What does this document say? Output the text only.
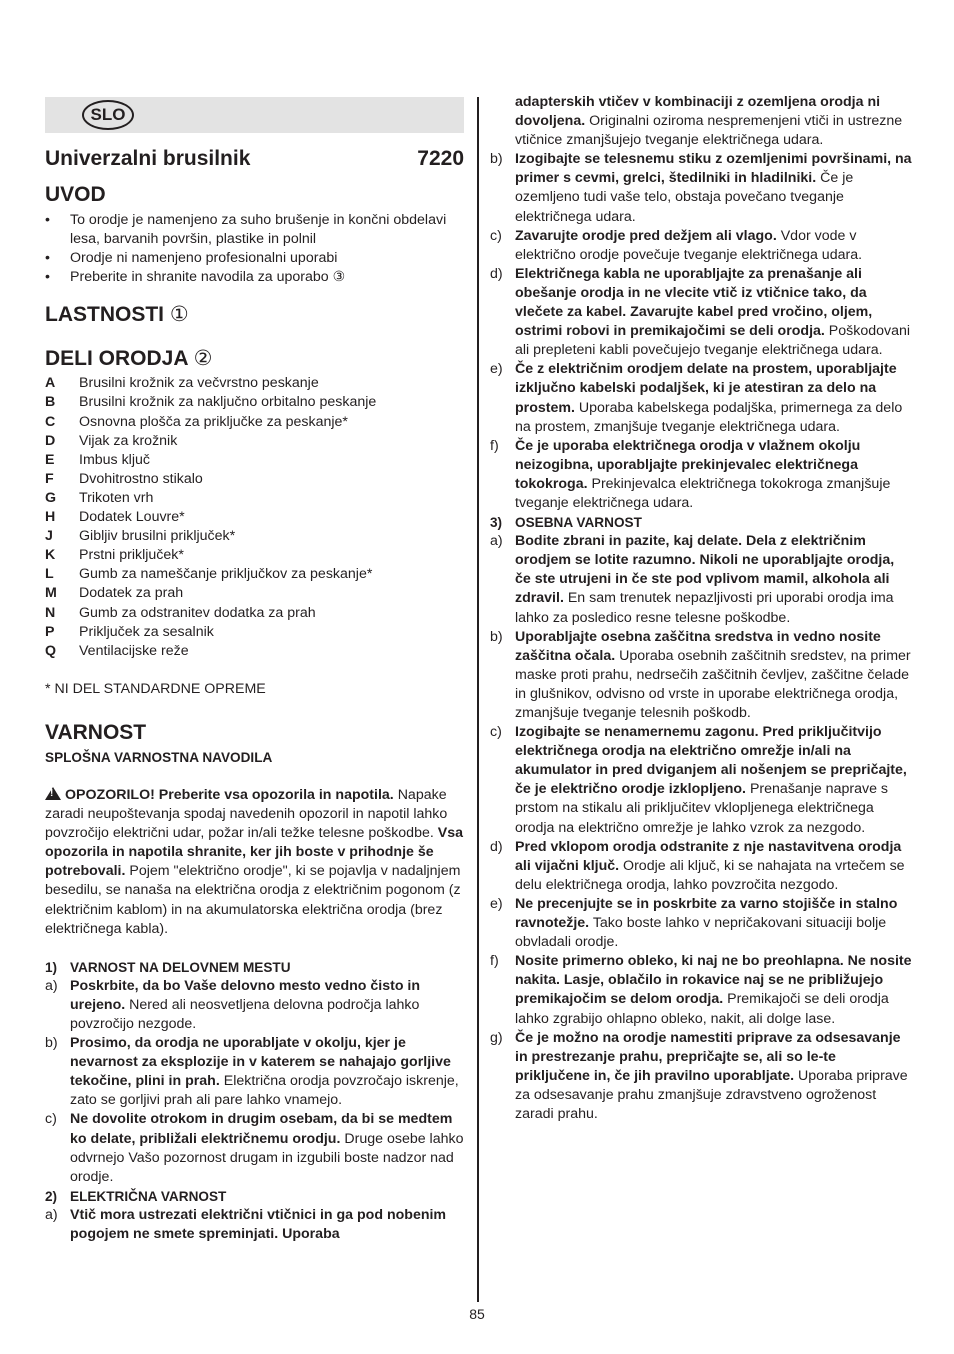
SLO
Univerzalni brusilnik	7220
UVOD
• To orodje je namenjeno za suho brušenje in končni obdelavi lesa, barvanih površin, plastike in polnil
• Orodje ni namenjeno profesionalni uporabi
• Preberite in shranite navodila za uporabo ③
LASTNOSTI ①
DELI ORODJA ②
A	Brusilni krožnik za večvrstno peskanje
B	Brusilni krožnik za naključno orbitalno peskanje
C	Osnovna plošča za priključke za peskanje*
D	Vijak za krožnik
E	Imbus ključ
F	Dvohitrostno stikalo
G	Trikoten vrh
H	Dodatek Louvre*
J	Gibljiv brusilni priključek*
K	Prstni priključek*
L	Gumb za nameščanje priključkov za peskanje*
M	Dodatek za prah
N	Gumb za odstranitev dodatka za prah
P	Priključek za sesalnik
Q	Ventilacijske reže
* NI DEL STANDARDNE OPREME
VARNOST
SPLOŠNA VARNOSTNA NAVODILA
!OPOZORILO! Preberite vsa opozorila in napotila. Napake zaradi neupoštevanja spodaj navedenih opozoril in napotil lahko povzročijo električni udar, požar in/ali težke telesne poškodbe. Vsa opozorila in napotila shranite, ker jih boste v prihodnje še potrebovali. Pojem "električno orodje", ki se pojavlja v nadaljnjem besedilu, se nanaša na električna orodja z električnim pogonom (z električnim kablom) in na akumulatorska električna orodja (brez električnega kabla).
1) VARNOST NA DELOVNEM MESTU
a) Poskrbite, da bo Vaše delovno mesto vedno čisto in urejeno. Nered ali neosvetljena delovna področja lahko povzročijo nezgode.
b) Prosimo, da orodja ne uporabljate v okolju, kjer je nevarnost za eksplozije in v katerem se nahajajo gorljive tekočine, plini in prah. Električna orodja povzročajo iskrenje, zato se gorljivi prah ali pare lahko vnamejo.
c) Ne dovolite otrokom in drugim osebam, da bi se medtem ko delate, približali električnemu orodju. Druge osebe lahko odvrnejo Vašo pozornost drugam in izgubili boste nadzor nad orodje.
2) ELEKTRIČNA VARNOST
a) Vtič mora ustrezati električni vtičnici in ga pod nobenim pogojem ne smete spreminjati. Uporaba
adapterskih vtičev v kombinaciji z ozemljena orodja ni dovoljena. Originalni oziroma nespremenjeni vtiči in ustrezne vtičnice zmanjšujejo tveganje električnega udara.
b) Izogibajte se telesnemu stiku z ozemljenimi površinami, na primer s cevmi, grelci, štedilniki in hladilniki. Če je ozemljeno tudi vaše telo, obstaja povečano tveganje električnega udara.
c) Zavarujte orodje pred dežjem ali vlago. Vdor vode v električno orodje povečuje tveganje električnega udara.
d) Električnega kabla ne uporabljajte za prenašanje ali obešanje orodja in ne vlecite vtič iz vtičnice tako, da vlečete za kabel. Zavarujte kabel pred vročino, oljem, ostrimi robovi in premikajočimi se deli orodja. Poškodovani ali prepleteni kabli povečujejo tveganje električnega udara.
e) Če z električnim orodjem delate na prostem, uporabljajte izključno kabelski podaljšek, ki je atestiran za delo na prostem. Uporaba kabelskega podaljška, primernega za delo na prostem, zmanjšuje tveganje električnega udara.
f)	Če je uporaba električnega orodja v vlažnem okolju neizogibna, uporabljajte prekinjevalec električnega tokokroga. Prekinjevalca električnega tokokroga zmanjšuje tveganje električnega udara.
3) OSEBNA VARNOST
a) Bodite zbrani in pazite, kaj delate. Dela z električnim orodjem se lotite razumno. Nikoli ne uporabljajte orodja, če ste utrujeni in če ste pod vplivom mamil, alkohola ali zdravil. En sam trenutek nepazljivosti pri uporabi orodja ima lahko za posledico resne telesne poškodbe.
b) Uporabljajte osebna zaščitna sredstva in vedno nosite zaščitna očala. Uporaba osebnih zaščitnih sredstev, na primer maske proti prahu, nedrsečih zaščitnih čevljev, zaščitne čelade in glušnikov, odvisno od vrste in uporabe električnega orodja, zmanjšuje tveganje telesnih poškodb.
c) Izogibajte se nenamernemu zagonu. Pred priključitvijo električnega orodja na električno omrežje in/ali na akumulator in pred dviganjem ali nošenjem se prepričajte, če je električno orodje izklopljeno. Prenašanje naprave s prstom na stikalu ali priključitev vklopljenega električnega orodja na električno omrežje je lahko vzrok za nezgodo.
d) Pred vklopom orodja odstranite z nje nastavitvena orodja ali vijačni ključ. Orodje ali ključ, ki se nahajata na vrtečem se delu električnega orodja, lahko povzročita nezgodo.
e) Ne precenjujte se in poskrbite za varno stojišče in stalno ravnotežje. Tako boste lahko v nepričakovani situaciji bolje obvladali orodje.
f)	Nosite primerno obleko, ki naj ne bo preohlapna. Ne nosite nakita. Lasje, oblačilo in rokavice naj se ne približujejo premikajočim se delom orodja. Premikajoči se deli orodja lahko zgrabijo ohlapno obleko, nakit, ali dolge lase.
g) Če je možno na orodje namestiti priprave za odsesavanje in prestrezanje prahu, prepričajte se, ali so le-te priključene in, če jih pravilno uporabljate. Uporaba priprave za odsesavanje prahu zmanjšuje zdravstveno ogroženost zaradi prahu.
85
